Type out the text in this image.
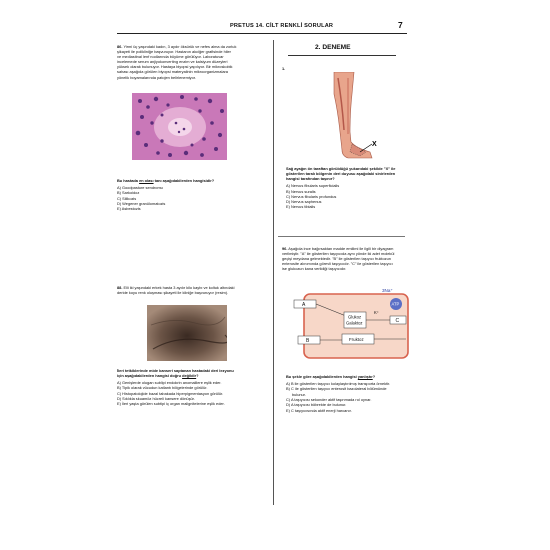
PRETUS 14. CİLT RENKLİ SORULAR	7

86. Yirmi üç yaşındaki kadın, 3 aydır öksürük ve nefes alma da zorluk

şikayeti ile polikliniğe başvuruyor. Hastanın akciğer grafisinde hiler

ve mediastinal lenf nodlarında büyüme görülüyor. Laboratuvar

incelemede serum anjiyokonverting enzim ve kalsiyum düzeyleri

yüksek olarak bulunuyor. Hastaya biyopsi yapılıyor. Bir mikroskobik

sahası aşağıda görülen biyopsi materyalinin mikroorganizmalara

yönelik boyamalarında patojen belirlenemiyor.

Bu hastada en olası tanı aşağıdakilerden hangisidir?

A) Goodpasture sendromu
B) Sarkoidoz
C) Silikozis
D) Wegener granülomatozis
E) Asbestozis

88. Elli iki yaşındaki erkek hasta 3 aydır kilo kaybı ve koltuk altındaki

deride koyu renk oluşması şikayeti ile kliniğe başvuruyor (resim).

İleri tetkiklerinde mide kanseri saptanan hastadaki deri lezyonu
için aşağıdakilerden hangisi doğru değildir?

A) Genişlerde olugan sublipi endokrin anomalilere eşlik eder.
B) Tipik olarak vücudun katlantı bölgelerinde görülür.
C) Histopatolojide bazal tabakada hiperpigmentasyon görülür.
D) Sıklıkla skuamöz hücreli kansere dönüşür.
E) İleri yaşta görülen subtipi iç organ malignitelerine eşlik eder.
2. DENEME
1.
X

Sağ ayağın ön taraftan görüldüğü yukarıdaki şekilde "X" ile
gösterilen taralı bölgenin deri duyusu aşağıdaki sinirlerden
hangisi tarafından taşınır?

A) Nervus fibularis superficialis
B) Nervus suralis
C) Nervus fibularis profundus
D) Nervus saphenus
E) Nervus tibialis

96. Aşağıda ince bağırsaktan madde emilimi ile ilgili bir diyagram

verilmiştir. "A" ile gösterilen taşıyıcıda aynı yönde iki adet molekül

geçişi meydana gelmektedir. "B" ile gösterilen taşıyıcı fruktozun

enterosite alınımında görevli taşıyıcıdır. "C" ile gösterilen taşıyıcı

ise glukozun kana verildiği taşıyıcıdır.

3Na⁺
ATP
K⁺
A
Glukoz
Galaktoz	C
B	Fruktoz

Bu şekle göre aşağıdakilerden hangisi yanlıştır?

A) B ile gösterilen taşıyıcı kolaylaştırılmış transporta örnektir.
B) C ile gösterilen taşıyıcı enterosit bazolateral bölümünde
bulunur.
C) A taşıyıcısı sekonder aktif taşınmada rol oynar.
D) A taşıyıcısı böbrekte de bulunur.
E) C taşıyıcısında aktif enerji harcanır.
